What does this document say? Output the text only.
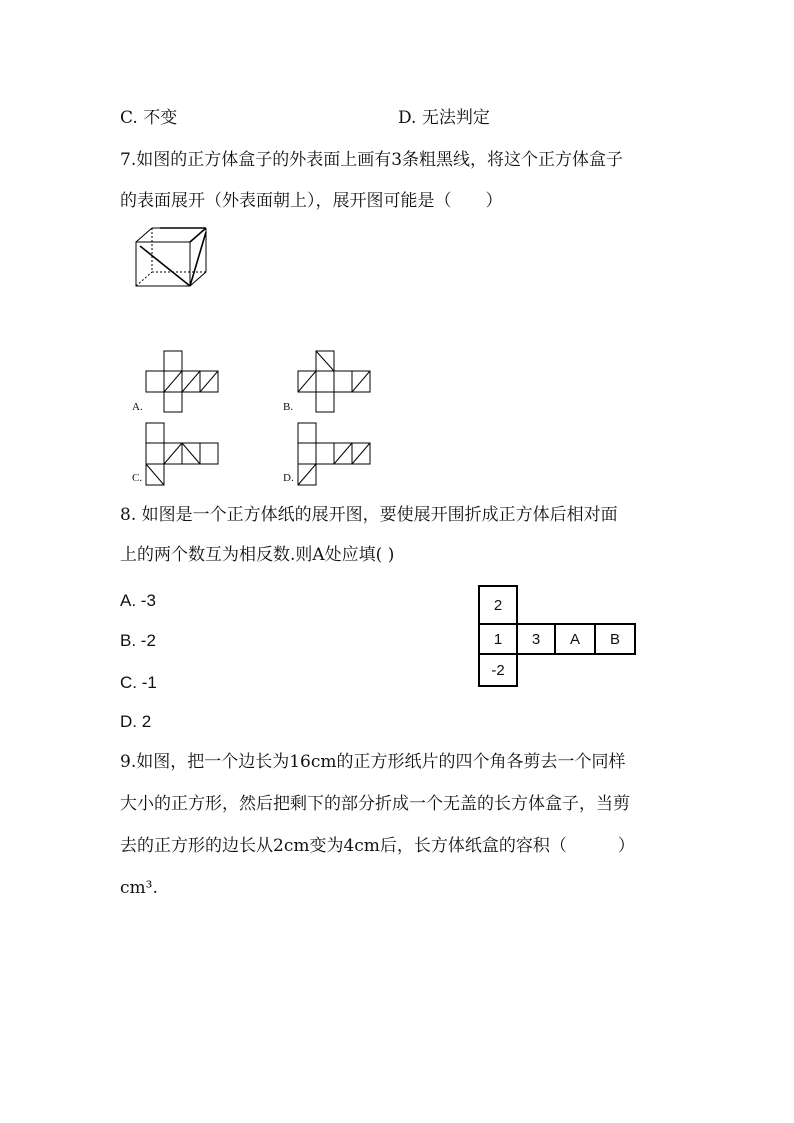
C. 不变	D. 无法判定
7.如图的正方体盒子的外表面上画有3条粗黑线，将这个正方体盒子
的表面展开（外表面朝上），展开图可能是（　　）
A.	B.
C.	D.
8. 如图是一个正方体纸的展开图，要使展开围折成正方体后相对面
上的两个数互为相反数.则A处应填( )
A. -3
B. -2
C. -1
D. 2
2
1	3	A	B
-2
9.如图，把一个边长为16cm的正方形纸片的四个角各剪去一个同样
大小的正方形，然后把剩下的部分折成一个无盖的长方体盒子，当剪
去的正方形的边长从2cm变为4cm后，长方体纸盒的容积（　　　）
cm³.
